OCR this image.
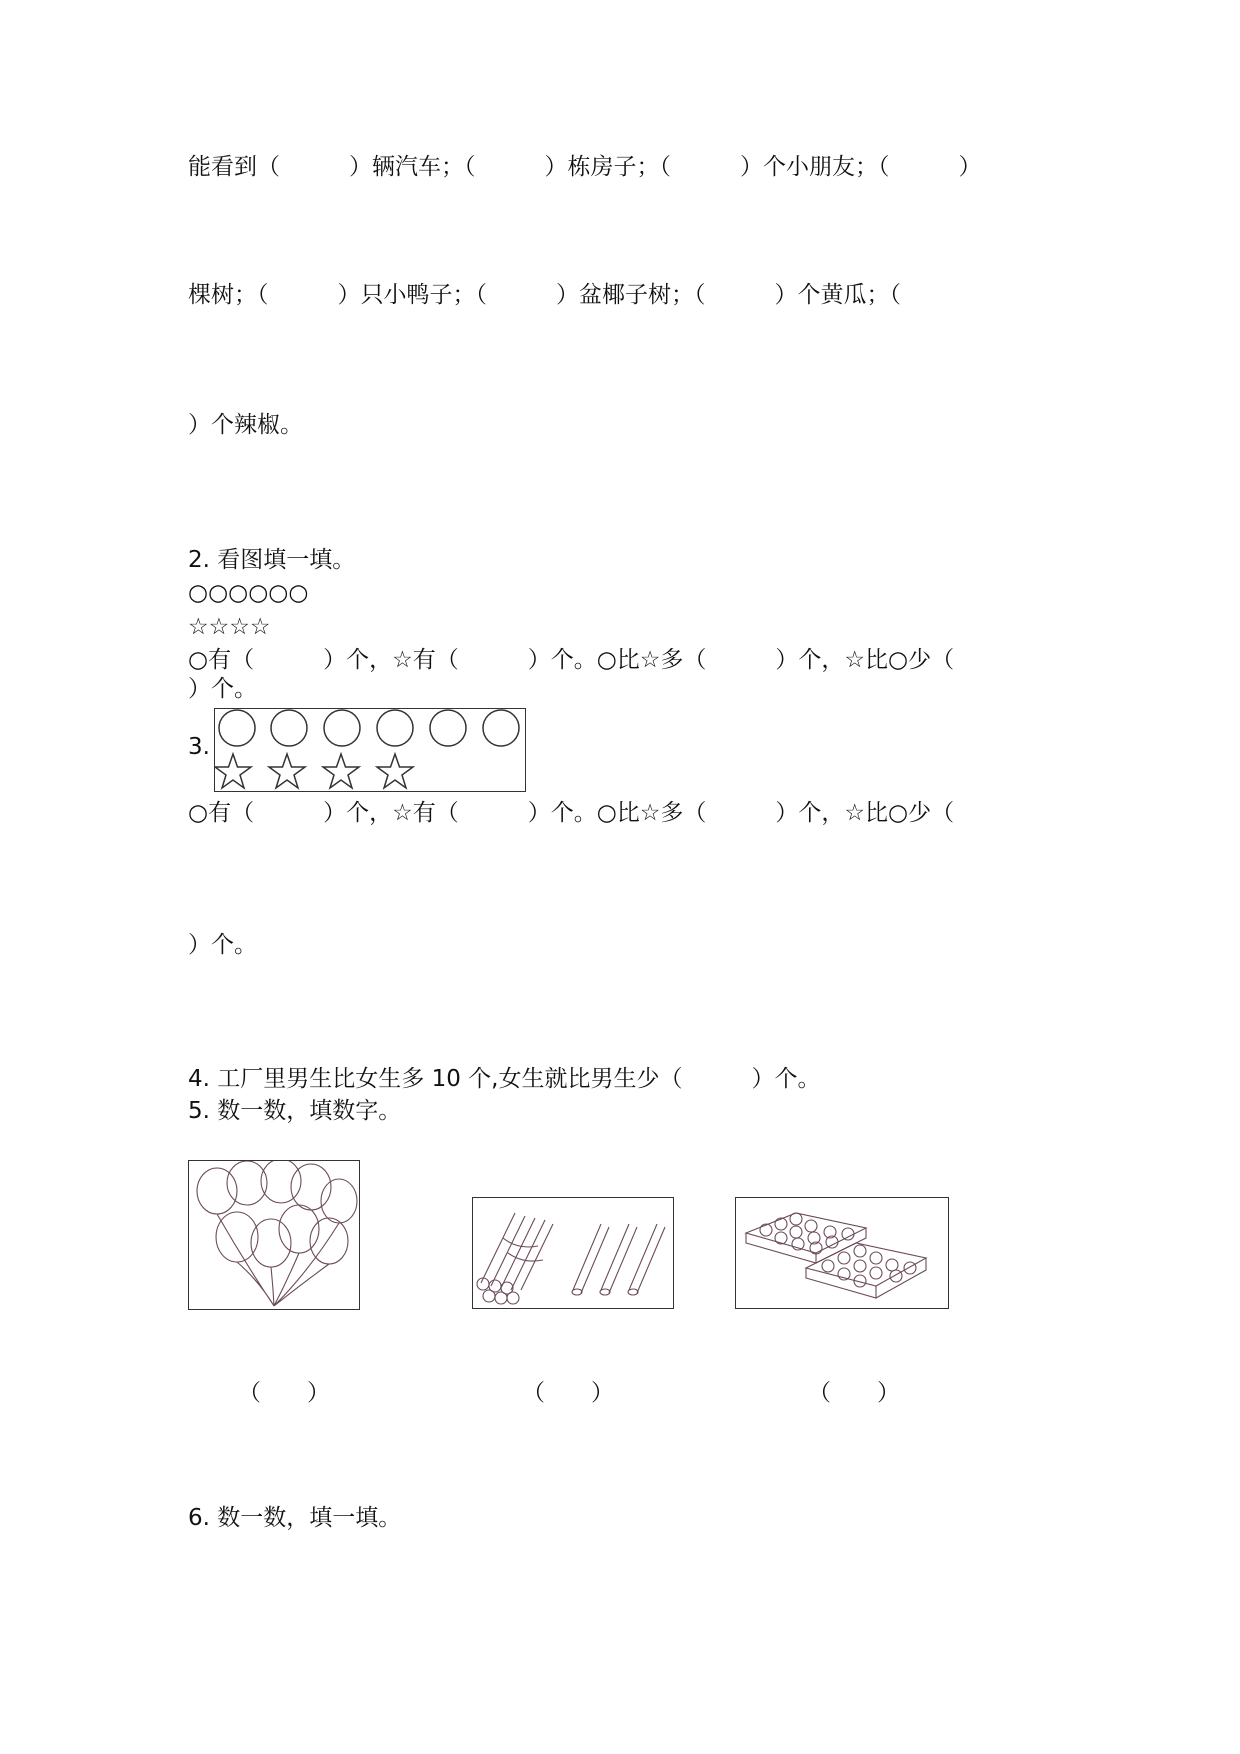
能看到（　　　）辆汽车；（　　　）栋房子；（　　　）个小朋友；（　　　）
棵树；（　　　）只小鸭子；（　　　）盆椰子树；（　　　）个黄瓜；（
）个辣椒。
2. 看图填一填。
○○○○○○
☆☆☆☆
○有（　　　）个，☆有（　　　）个。○比☆多（　　　）个，☆比○少（
）个。
3.
○有（　　　）个，☆有（　　　）个。○比☆多（　　　）个，☆比○少（
）个。
4. 工厂里男生比女生多 10 个,女生就比男生少（　　　）个。
5. 数一数，填数字。
（　　）	（　　）	（　　）
6. 数一数，填一填。
